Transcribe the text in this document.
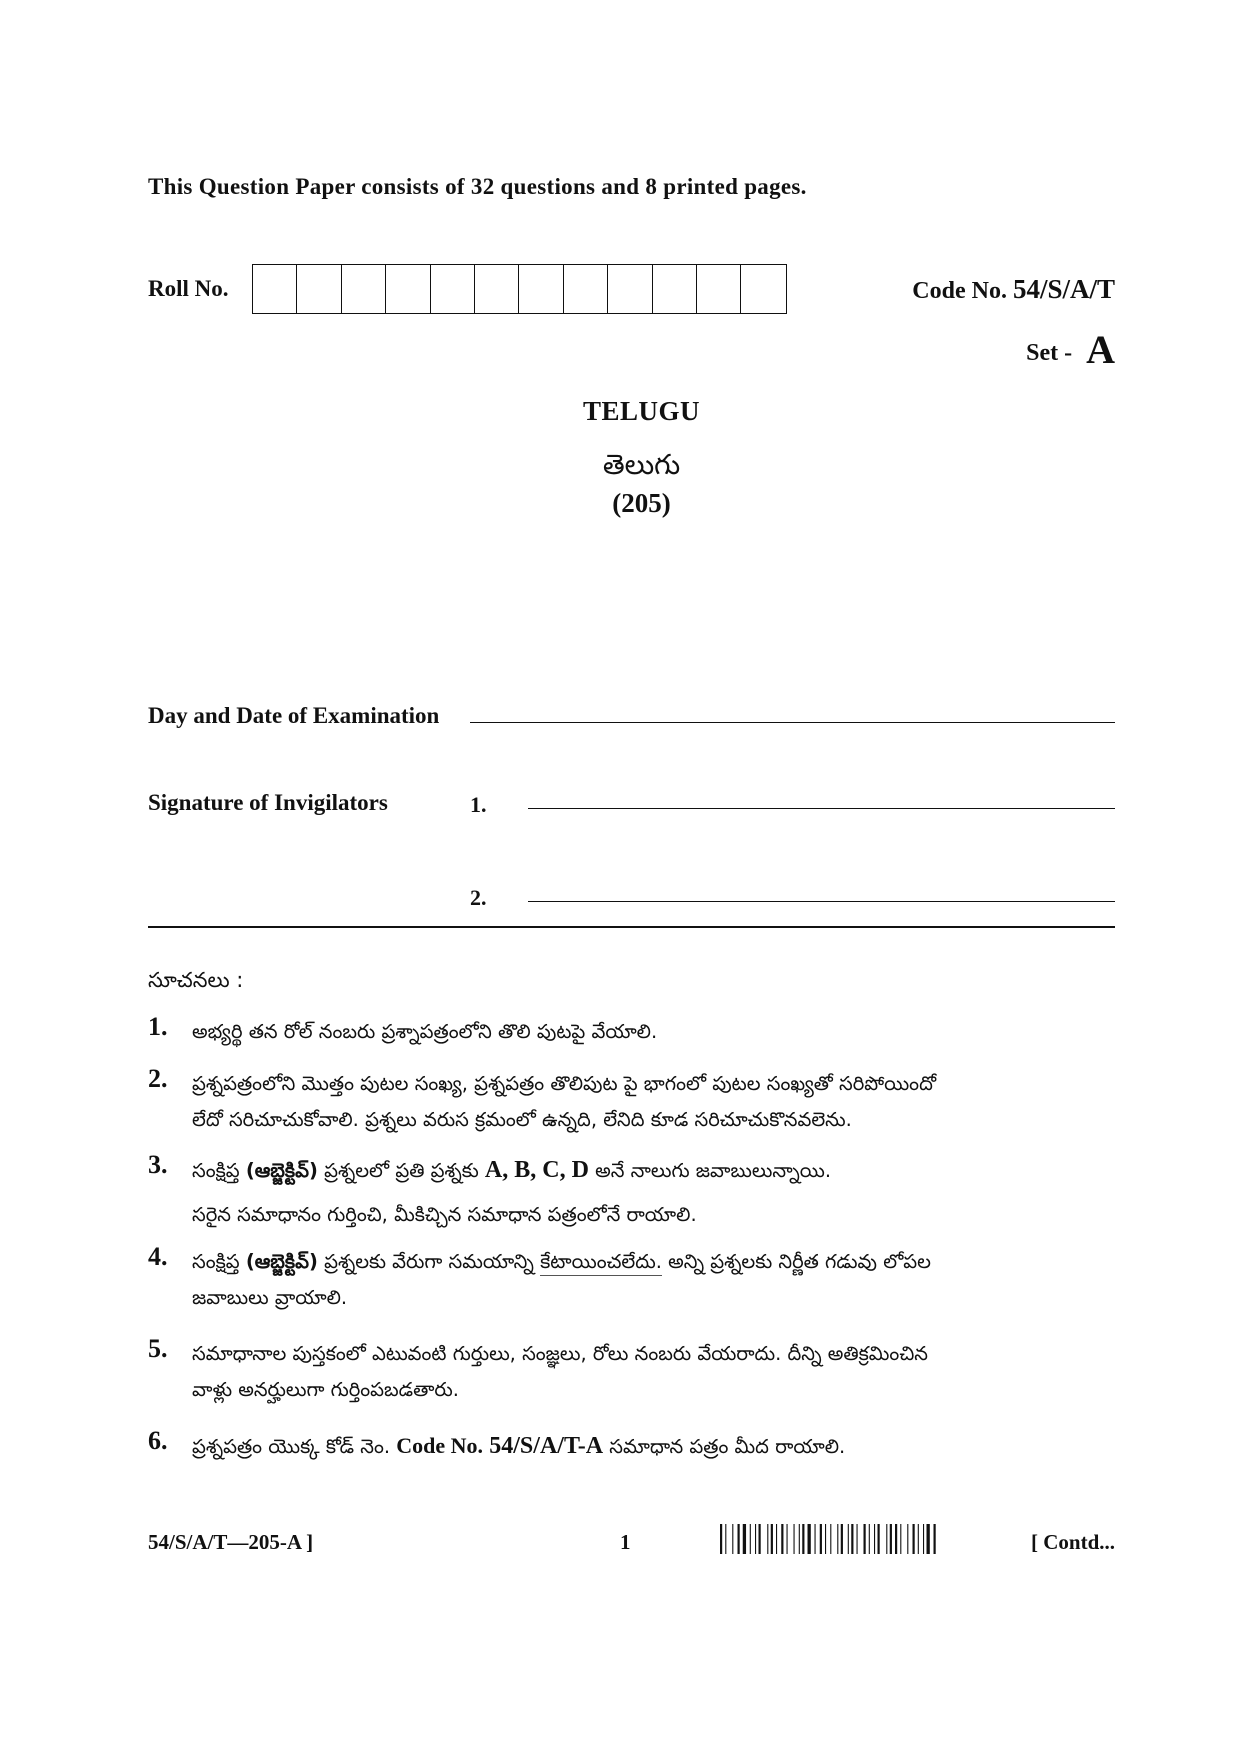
This Question Paper consists of 32 questions and 8 printed pages.
Roll No.	Code No. 54/S/A/T
Set - A
TELUGU
తెలుగు
(205)
Day and Date of Examination
Signature of Invigilators	1.
2.
సూచనలు :
1. అభ్యర్థి తన రోల్ నంబరు ప్రశ్నాపత్రంలోని తొలి పుటపై వేయాలి.
2. ప్రశ్నపత్రంలోని మొత్తం పుటల సంఖ్య, ప్రశ్నపత్రం తొలిపుట పై భాగంలో పుటల సంఖ్యతో సరిపోయిందో
లేదో సరిచూచుకోవాలి. ప్రశ్నలు వరుస క్రమంలో ఉన్నది, లేనిది కూడ సరిచూచుకొనవలెను.
3. సంక్షిప్త (ఆబ్జెక్టివ్) ప్రశ్నలలో ప్రతి ప్రశ్నకు A, B, C, D అనే నాలుగు జవాబులున్నాయి.
సరైన సమాధానం గుర్తించి, మీకిచ్చిన సమాధాన పత్రంలోనే రాయాలి.
4. సంక్షిప్త (ఆబ్జెక్టివ్) ప్రశ్నలకు వేరుగా సమయాన్ని కేటాయించలేదు. అన్ని ప్రశ్నలకు నిర్ణీత గడువు లోపల
జవాబులు వ్రాయాలి.
5. సమాధానాల పుస్తకంలో ఎటువంటి గుర్తులు, సంజ్ఞలు, రోలు నంబరు వేయరాదు. దీన్ని అతిక్రమించిన
వాళ్లు అనర్హులుగా గుర్తింపబడతారు.
6. ప్రశ్నపత్రం యొక్క కోడ్ నెం. Code No. 54/S/A/T-A సమాధాన పత్రం మీద రాయాలి.
54/S/A/T—205-A ]	1	[ Contd...
